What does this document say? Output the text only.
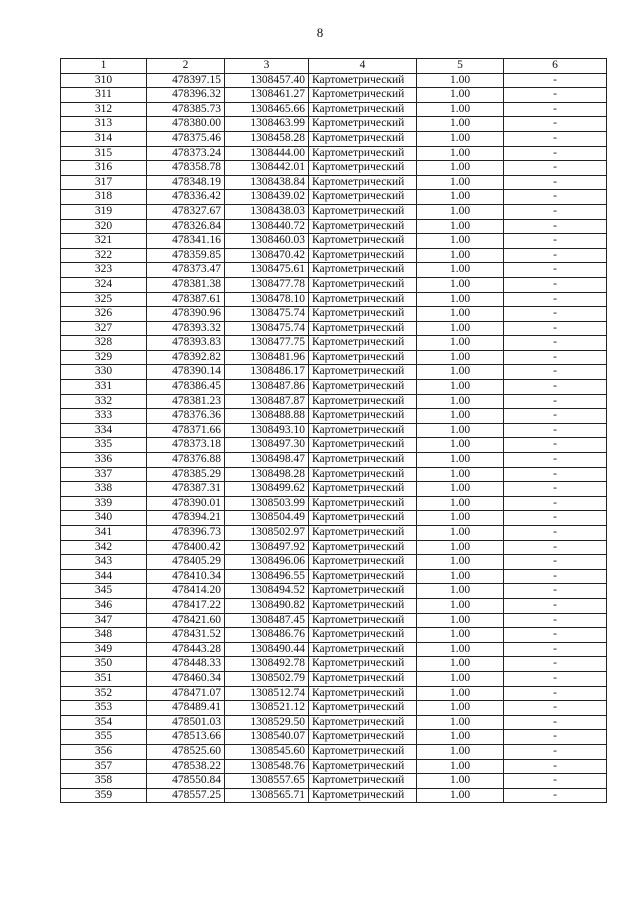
8
1	2	3	4	5	6
310	478397.15	1308457.40	Картометрический	1.00	-
311	478396.32	1308461.27	Картометрический	1.00	-
312	478385.73	1308465.66	Картометрический	1.00	-
313	478380.00	1308463.99	Картометрический	1.00	-
314	478375.46	1308458.28	Картометрический	1.00	-
315	478373.24	1308444.00	Картометрический	1.00	-
316	478358.78	1308442.01	Картометрический	1.00	-
317	478348.19	1308438.84	Картометрический	1.00	-
318	478336.42	1308439.02	Картометрический	1.00	-
319	478327.67	1308438.03	Картометрический	1.00	-
320	478326.84	1308440.72	Картометрический	1.00	-
321	478341.16	1308460.03	Картометрический	1.00	-
322	478359.85	1308470.42	Картометрический	1.00	-
323	478373.47	1308475.61	Картометрический	1.00	-
324	478381.38	1308477.78	Картометрический	1.00	-
325	478387.61	1308478.10	Картометрический	1.00	-
326	478390.96	1308475.74	Картометрический	1.00	-
327	478393.32	1308475.74	Картометрический	1.00	-
328	478393.83	1308477.75	Картометрический	1.00	-
329	478392.82	1308481.96	Картометрический	1.00	-
330	478390.14	1308486.17	Картометрический	1.00	-
331	478386.45	1308487.86	Картометрический	1.00	-
332	478381.23	1308487.87	Картометрический	1.00	-
333	478376.36	1308488.88	Картометрический	1.00	-
334	478371.66	1308493.10	Картометрический	1.00	-
335	478373.18	1308497.30	Картометрический	1.00	-
336	478376.88	1308498.47	Картометрический	1.00	-
337	478385.29	1308498.28	Картометрический	1.00	-
338	478387.31	1308499.62	Картометрический	1.00	-
339	478390.01	1308503.99	Картометрический	1.00	-
340	478394.21	1308504.49	Картометрический	1.00	-
341	478396.73	1308502.97	Картометрический	1.00	-
342	478400.42	1308497.92	Картометрический	1.00	-
343	478405.29	1308496.06	Картометрический	1.00	-
344	478410.34	1308496.55	Картометрический	1.00	-
345	478414.20	1308494.52	Картометрический	1.00	-
346	478417.22	1308490.82	Картометрический	1.00	-
347	478421.60	1308487.45	Картометрический	1.00	-
348	478431.52	1308486.76	Картометрический	1.00	-
349	478443.28	1308490.44	Картометрический	1.00	-
350	478448.33	1308492.78	Картометрический	1.00	-
351	478460.34	1308502.79	Картометрический	1.00	-
352	478471.07	1308512.74	Картометрический	1.00	-
353	478489.41	1308521.12	Картометрический	1.00	-
354	478501.03	1308529.50	Картометрический	1.00	-
355	478513.66	1308540.07	Картометрический	1.00	-
356	478525.60	1308545.60	Картометрический	1.00	-
357	478538.22	1308548.76	Картометрический	1.00	-
358	478550.84	1308557.65	Картометрический	1.00	-
359	478557.25	1308565.71	Картометрический	1.00	-
